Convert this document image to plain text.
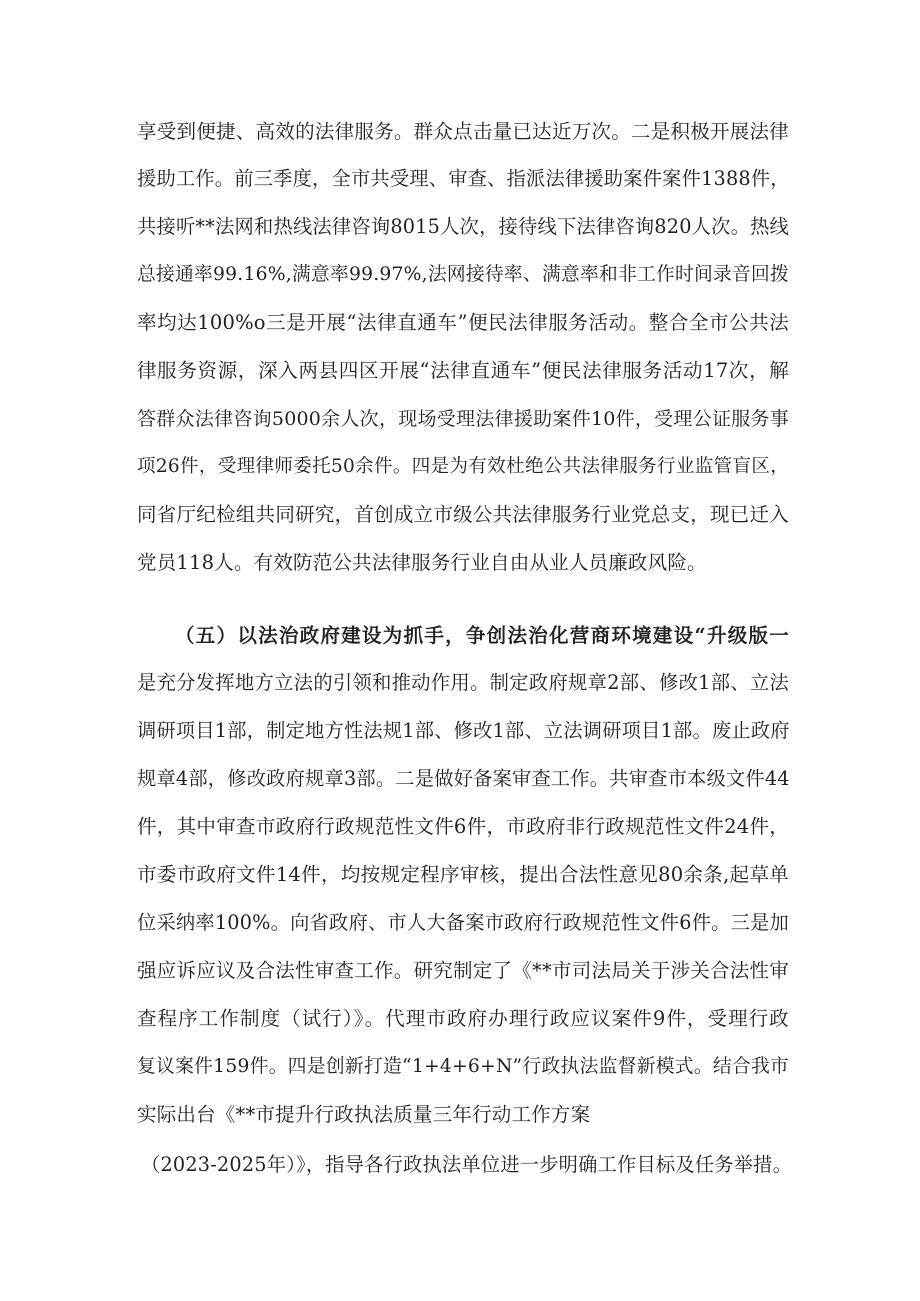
享受到便捷、高效的法律服务。群众点击量已达近万次。二是积极开展法律
援助工作。前三季度，全市共受理、审查、指派法律援助案件案件1388件，
共接听**法网和热线法律咨询8015人次，接待线下法律咨询820人次。热线
总接通率99.16%,满意率99.97%,法网接待率、满意率和非工作时间录音回拨
率均达100%o三是开展“法律直通车”便民法律服务活动。整合全市公共法
律服务资源，深入两县四区开展“法律直通车”便民法律服务活动17次，解
答群众法律咨询5000余人次，现场受理法律援助案件10件，受理公证服务事
项26件，受理律师委托50余件。四是为有效杜绝公共法律服务行业监管盲区，
同省厅纪检组共同研究，首创成立市级公共法律服务行业党总支，现已迁入
党员118人。有效防范公共法律服务行业自由从业人员廉政风险。
（五）以法治政府建设为抓手，争创法治化营商环境建设“升级版一
是充分发挥地方立法的引领和推动作用。制定政府规章2部、修改1部、立法
调研项目1部，制定地方性法规1部、修改1部、立法调研项目1部。废止政府
规章4部，修改政府规章3部。二是做好备案审查工作。共审查市本级文件44
件，其中审查市政府行政规范性文件6件，市政府非行政规范性文件24件，
市委市政府文件14件，均按规定程序审核，提出合法性意见80余条,起草单
位采纳率100%。向省政府、市人大备案市政府行政规范性文件6件。三是加
强应诉应议及合法性审查工作。研究制定了《**市司法局关于涉关合法性审
查程序工作制度（试行）》。代理市政府办理行政应议案件9件，受理行政
复议案件159件。四是创新打造“1+4+6+N”行政执法监督新模式。结合我市
实际出台《**市提升行政执法质量三年行动工作方案
（2023-2025年）》，指导各行政执法单位进一步明确工作目标及任务举措。
